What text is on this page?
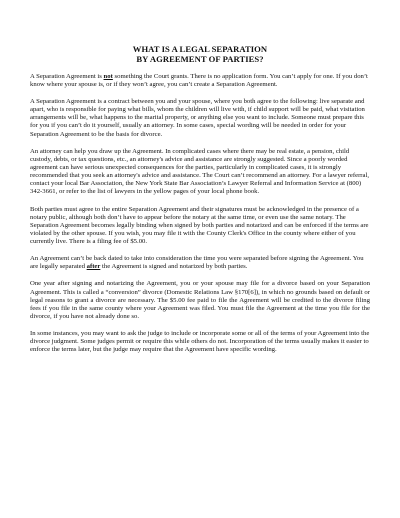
WHAT IS A LEGAL SEPARATION
BY AGREEMENT OF PARTIES?

A Separation Agreement is not something the Court grants. There is no application form. You can’t apply for one. If you don’t know where your spouse is, or if they won’t agree, you can’t create a Separation Agreement.

A Separation Agreement is a contract between you and your spouse, where you both agree to the following: live separate and apart, who is responsible for paying what bills, whom the children will live with, if child support will be paid, what visitation arrangements will be, what happens to the marital property, or anything else you want to include. Someone must prepare this for you if you can’t do it yourself, usually an attorney. In some cases, special wording will be needed in order for your Separation Agreement to be the basis for divorce.

An attorney can help you draw up the Agreement. In complicated cases where there may be real estate, a pension, child custody, debts, or tax questions, etc., an attorney's advice and assistance are strongly suggested. Since a poorly worded agreement can have serious unexpected consequences for the parties, particularly in complicated cases, it is strongly recommended that you seek an attorney's advice and assistance. The Court can’t recommend an attorney. For a lawyer referral, contact your local Bar Association, the New York State Bar Association’s Lawyer Referral and Information Service at (800) 342-3661, or refer to the list of lawyers in the yellow pages of your local phone book.

Both parties must agree to the entire Separation Agreement and their signatures must be acknowledged in the presence of a notary public, although both don’t have to appear before the notary at the same time, or even use the same notary. The Separation Agreement becomes legally binding when signed by both parties and notarized and can be enforced if the terms are violated by the other spouse. If you wish, you may file it with the County Clerk's Office in the county where either of you currently live. There is a filing fee of $5.00.

An Agreement can’t be back dated to take into consideration the time you were separated before signing the Agreement. You are legally separated after the Agreement is signed and notarized by both parties.

One year after signing and notarizing the Agreement, you or your spouse may file for a divorce based on your Separation Agreement. This is called a “conversion” divorce (Domestic Relations Law §170[6]), in which no grounds based on default or legal reasons to grant a divorce are necessary. The $5.00 fee paid to file the Agreement will be credited to the divorce filing fees if you file in the same county where your Agreement was filed. You must file the Agreement at the time you file for the divorce, if you have not already done so.

In some instances, you may want to ask the judge to include or incorporate some or all of the terms of your Agreement into the divorce judgment. Some judges permit or require this while others do not. Incorporation of the terms usually makes it easier to enforce the terms later, but the judge may require that the Agreement have specific wording.
